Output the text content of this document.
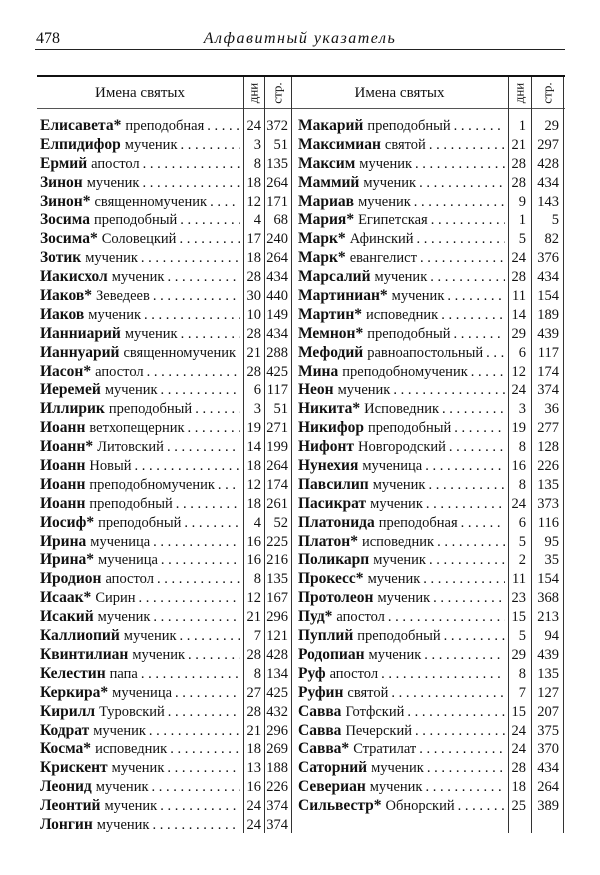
478	Алфавитный указатель
Имена святых	дни стр.	Имена святых	дни стр.
Елисавета* преподобная . . .	24 372
Елпидифор мученик . . .	3 51
Ермий апостол . . .	8 135
Зинон мученик . . .	18 264
Зинон* священномученик . . .	12 171
Зосима преподобный . . .	4 68
Зосима* Соловецкий . . .	17 240
Зотик мученик . . .	18 264
Иакисхол мученик . . .	28 434
Иаков* Зеведеев . . .	30 440
Иаков мученик . . .	10 149
Ианниарий мученик . . .	28 434
Ианнуарий священномученик . . . 21 288
Иасон* апостол . . .	28 425
Иеремей мученик . . .	6 117
Иллирик преподобный . . .	3 51
Иоанн ветхопещерник . . .	19 271
Иоанн* Литовский . . .	14 199
Иоанн Новый . . .	18 264
Иоанн преподобномученик . . .	12 174
Иоанн преподобный . . .	18 261
Иосиф* преподобный . . .	4 52
Ирина мученица . . .	16 225
Ирина* мученица . . .	16 216
Иродион апостол . . .	8 135
Исаак* Сирин . . .	12 167
Исакий мученик . . .	21 296
Каллиопий мученик . . .	7 121
Квинтилиан мученик . . .	28 428
Келестин папа . . .	8 134
Керкира* мученица . . .	27 425
Кирилл Туровский . . .	28 432
Кодрат мученик . . .	21 296
Косма* исповедник . . .	18 269
Крискент мученик . . .	13 188
Леонид мученик . . .	16 226
Леонтий мученик . . .	24 374
Лонгин мученик . . .	24 374
Макарий преподобный . . .	1	29
Максимиан святой . . .	21 297
Максим мученик . . .	28 428
Маммий мученик . . .	28 434
Мариав мученик . . .	9 143
Мария* Египетская . . .	1	5
Марк* Афинский . . .	5	82
Марк* евангелист . . .	24 376
Марсалий мученик . . .	28 434
Мартиниан* мученик . . .	11 154
Мартин* исповедник . . .	14 189
Мемнон* преподобный . . .	29 439
Мефодий равноапостольный . . .	6 117
Мина преподобномученик . . .	12 174
Неон мученик . . .	24 374
Никита* Исповедник . . .	3	36
Никифор преподобный . . .	19 277
Нифонт Новгородский . . .	8 128
Нунехия мученица . . .	16 226
Павсилип мученик . . .	8 135
Пасикрат мученик . . .	24 373
Платонида преподобная . . .	6 116
Платон* исповедник . . .	5	95
Поликарп мученик . . .	2	35
Прокесс* мученик . . .	11 154
Протолеон мученик . . .	23 368
Пуд* апостол . . .	15 213
Пуплий преподобный . . .	5	94
Родопиан мученик . . .	29 439
Руф апостол . . .	8 135
Руфин святой . . .	7 127
Савва Готфский . . .	15 207
Савва Печерский . . .	24 375
Савва* Стратилат . . .	24 370
Саторний мученик . . .	28 434
Севериан мученик . . .	18 264
Сильвестр* Обнорский . . .	25 389
